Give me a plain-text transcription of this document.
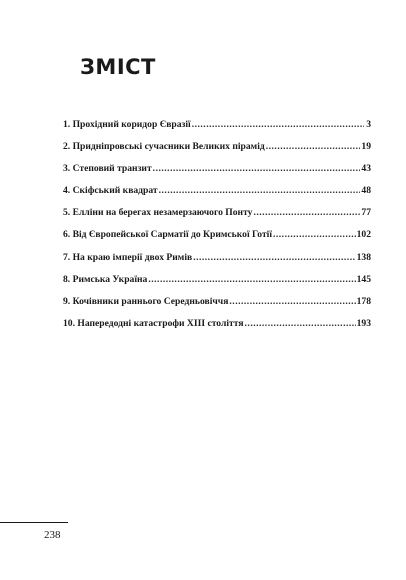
ЗМІСТ
1. Прохідний коридор Євразії .....	3
2. Придніпровські сучасники Великих пірамід .....	19
3. Степовий транзит .....	43
4. Скіфський квадрат .....	48
5. Елліни на берегах незамерзаючого Понту .....	77
6. Від Європейської Сарматії до Кримської Готії .....	102
7. На краю імперії двох Римів .....	138
8. Римська Україна .....	145
9. Кочівники раннього Середньовіччя .....	178
10. Напередодні катастрофи ХІІІ століття .....	193
238
